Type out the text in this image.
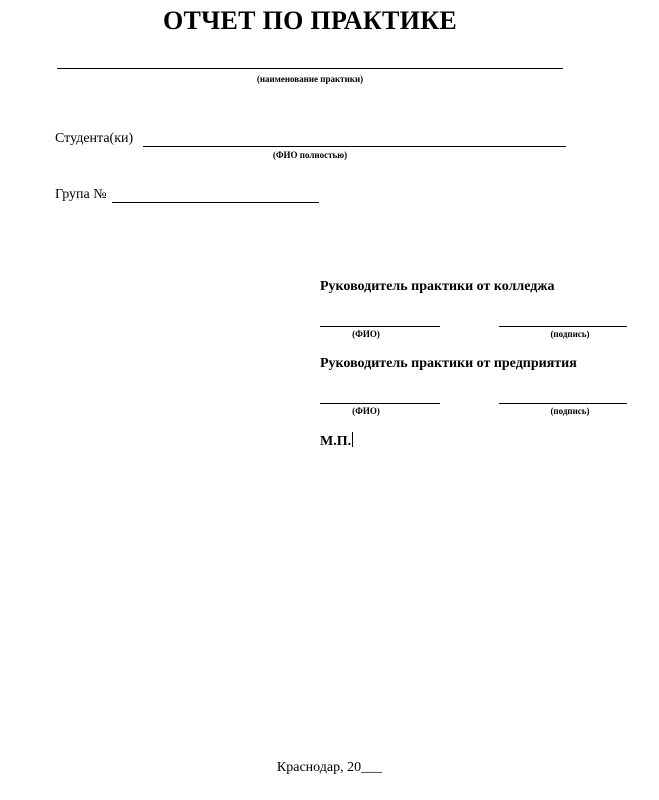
ОТЧЕТ ПО ПРАКТИКЕ
(наименование практики)
Студента(ки)
(ФИО полностью)
Група №
Руководитель практики от колледжа
(ФИО)	(подпись)
Руководитель практики от предприятия
(ФИО)	(подпись)
М.П.
Краснодар, 20___
